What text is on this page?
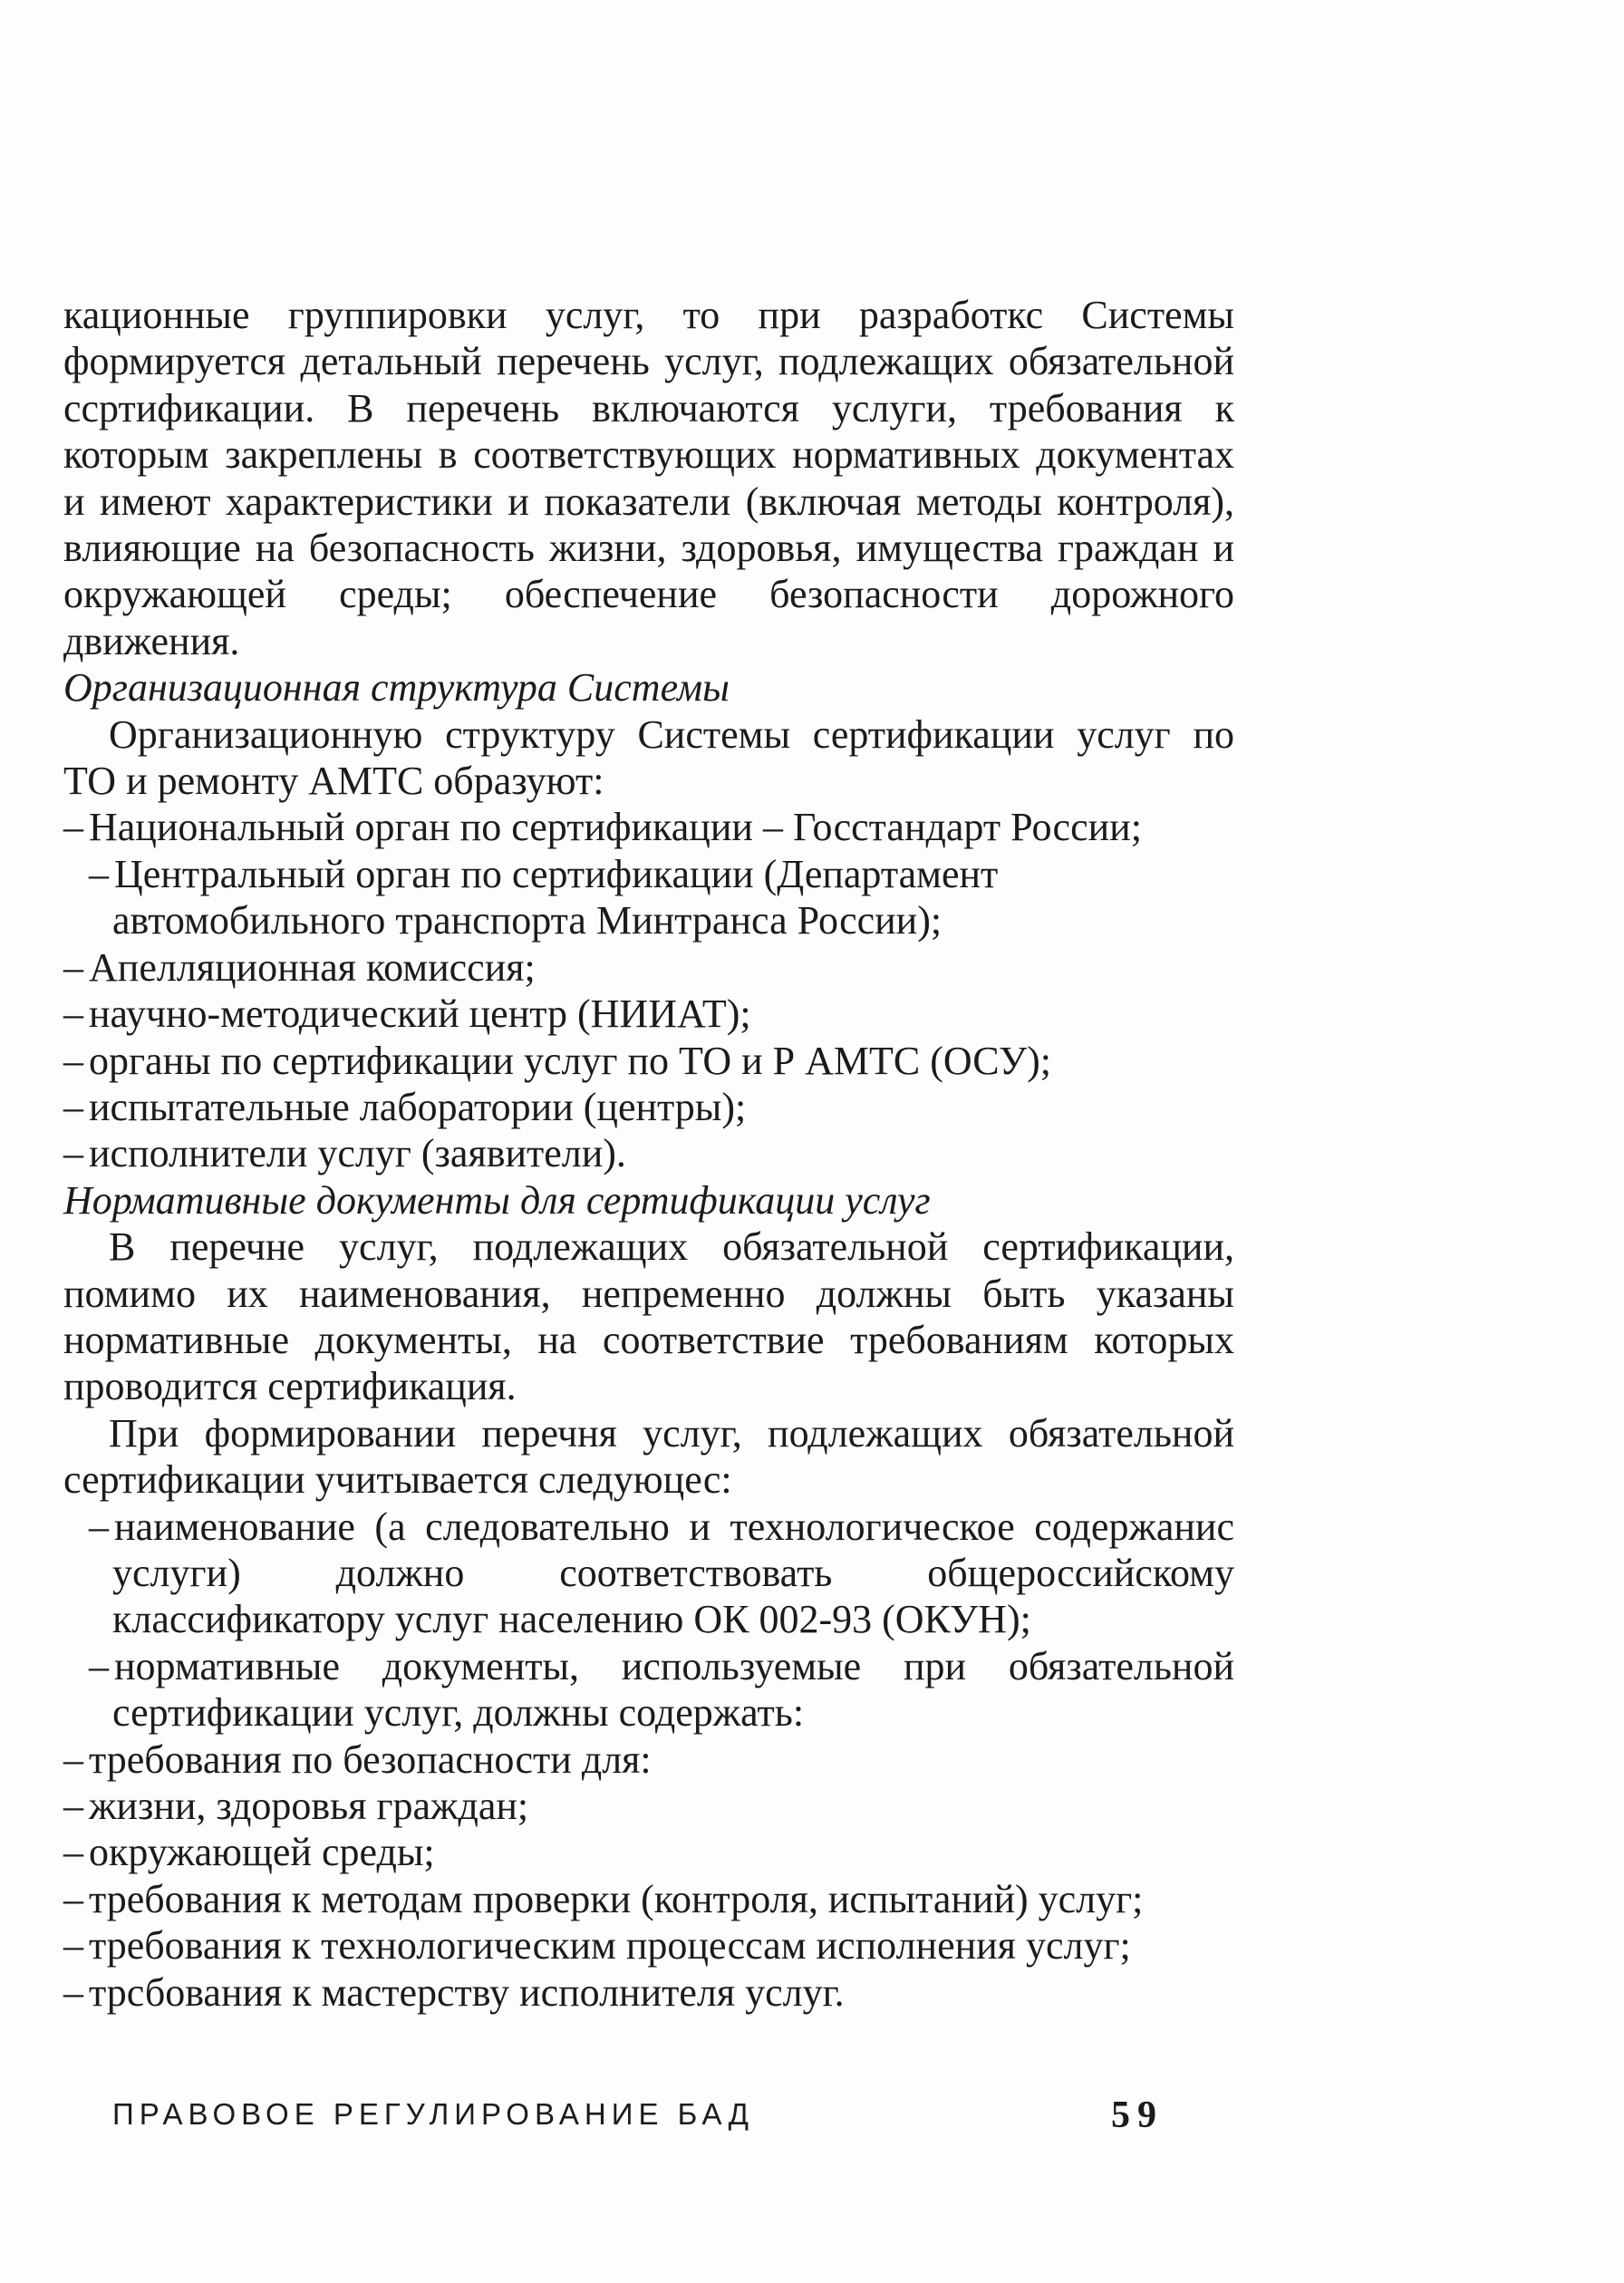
кационные группировки услуг, то при разработкс Системы формируется детальный перечень услуг, подлежащих обязательной ссртификации. В перечень включаются услуги, требования к которым закреплены в соответствующих нормативных документах и имеют характеристики и показатели (включая методы контроля), влияющие на безопасность жизни, здоровья, имущества граждан и окружающей среды; обеспечение безопасности дорожного движения.

Организационная структура Системы

Организационную структуру Системы сертификации услуг по ТО и ремонту АМТС образуют:

– Национальный орган по сертификации – Госстандарт России;
– Центральный орган по сертификации (Департамент автомобильного транспорта Минтранса России);
– Апелляционная комиссия;
– научно-методический центр (НИИАТ);
– органы по сертификации услуг по ТО и Р АМТС (ОСУ);
– испытательные лаборатории (центры);
– исполнители услуг (заявители).

Нормативные документы для сертификации услуг

В перечне услуг, подлежащих обязательной сертификации, помимо их наименования, непременно должны быть указаны нормативные документы, на соответствие требованиям которых проводится сертификация.

При формировании перечня услуг, подлежащих обязательной сертификации учитывается следуюцес:

– наименование (а следовательно и технологическое содержанис услуги) должно соответствовать общероссийскому классификатору услуг населению ОК 002-93 (ОКУН);
– нормативные документы, используемые при обязательной сертификации услуг, должны содержать:
– требования по безопасности для:
– жизни, здоровья граждан;
– окружающей среды;
– требования к методам проверки (контроля, испытаний) услуг;
– требования к технологическим процессам исполнения услуг;
– трсбования к мастерству исполнителя услуг.
ПРАВОВОЕ РЕГУЛИРОВАНИЕ БАД	59
